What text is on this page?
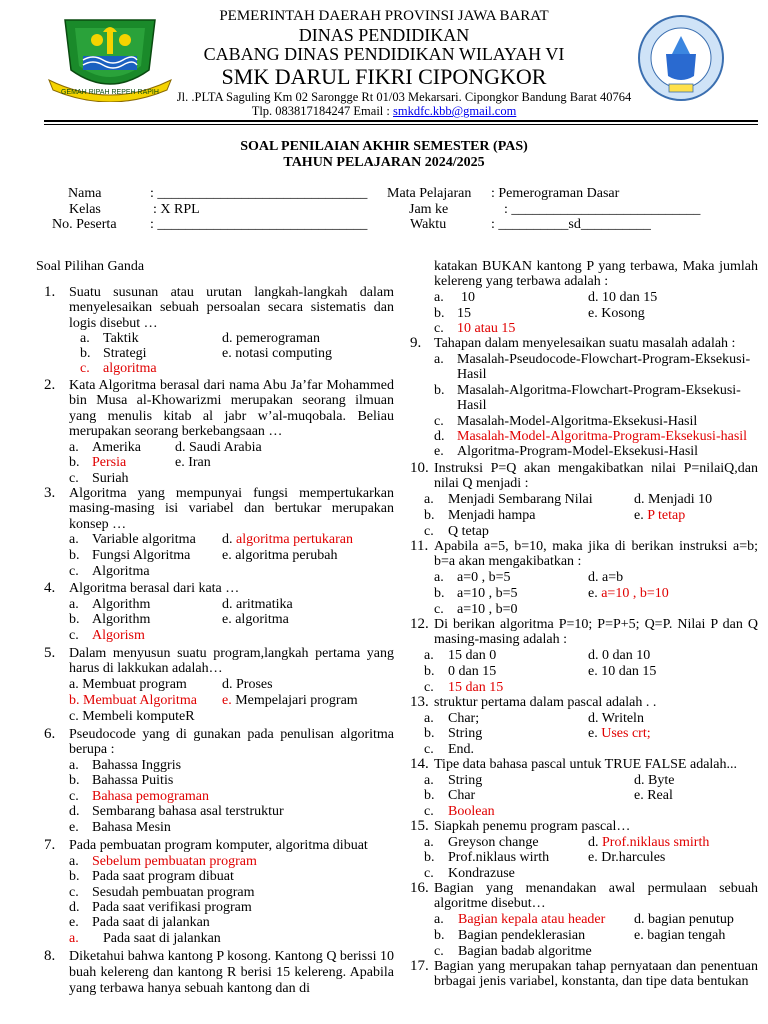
GEMAH RIPAH REPEH RAPIH
PEMERINTAH DAERAH PROVINSI JAWA BARAT
DINAS PENDIDIKAN
CABANG DINAS PENDIDIKAN WILAYAH VI
SMK DARUL FIKRI CIPONGKOR
Jl. .PLTA Saguling Km 02 Sarongge Rt 01/03 Mekarsari. Cipongkor Bandung Barat 40764
Tlp. 083817184247 Email : smkdfc.kbb@gmail.com
SOAL PENILAIAN AKHIR SEMESTER (PAS)
TAHUN PELAJARAN 2024/2025
Nama	: ______________________________
Kelas	: X RPL
No. Peserta : ______________________________
Mata Pelajaran : Pemerograman Dasar
Jam ke	: ___________________________
Waktu	: __________sd__________
Soal Pilihan Ganda
1. Suatu susunan atau urutan langkah-langkah dalam menyelesaikan sebuah persoalan secara sistematis dan logis disebut …
a. Taktik
b. Strategi
c. algoritma
d. pemerograman
e. notasi computing
2. Kata Algoritma berasal dari nama Abu Ja’far Mohammed bin Musa al-Khowarizmi merupakan seorang ilmuan yang menulis kitab al jabr w’al-muqobala. Beliau merupakan seorang berkebangsaan …
a. Amerika
b. Persia
c. Suriah
d. Saudi Arabia
e. Iran
3. Algoritma yang mempunyai fungsi mempertukarkan masing-masing isi variabel dan bertukar merupakan konsep …
a. Variable algoritma
b. Fungsi Algoritma
c. Algoritma
d. algoritma pertukaran
e. algoritma perubah
4. Algoritma berasal dari kata …
a. Algorithm
b. Algorithm
c. Algorism
d. aritmatika
e. algoritma
5. Dalam menyusun suatu program,langkah pertama yang harus di lakkukan adalah…
a. Membuat program
b. Membuat Algoritma
c. Membeli komputeR
d. Proses
e. Mempelajari program
6. Pseudocode yang di gunakan pada penulisan algoritma berupa :
a. Bahassa Inggris
b. Bahassa Puitis
c. Bahasa pemograman
d. Sembarang bahasa asal terstruktur
e. Bahasa Mesin
7. Pada pembuatan program komputer, algoritma dibuat
a. Sebelum pembuatan program
b. Pada saat program dibuat
c. Sesudah pembuatan program
d. Pada saat verifikasi program
e. Pada saat di jalankan
a. Pada saat di jalankan
8. Diketahui bahwa kantong P kosong. Kantong Q berissi 10 buah kelereng dan kantong R berisi 15 kelereng. Apabila yang terbawa hanya sebuah kantong dan di
katakan BUKAN kantong P yang terbawa, Maka jumlah kelereng yang terbawa adalah :
a. 10
b. 15
c. 10 atau 15
d. 10 dan 15
e. Kosong
9. Tahapan dalam menyelesaikan suatu masalah adalah :
a. Masalah-Pseudocode-Flowchart-Program-Eksekusi-Hasil
b. Masalah-Algoritma-Flowchart-Program-Eksekusi-Hasil
c. Masalah-Model-Algoritma-Eksekusi-Hasil
d. Masalah-Model-Algoritma-Program-Eksekusi-hasil
e. Algoritma-Program-Model-Eksekusi-Hasil
10. Instruksi P=Q akan mengakibatkan nilai P=nilaiQ,dan nilai Q menjadi :
a. Menjadi Sembarang Nilai
b. Menjadi hampa
c. Q tetap
d. Menjadi 10
e. P tetap
11. Apabila a=5, b=10, maka jika di berikan instruksi a=b; b=a akan mengakibatkan :
a. a=0 , b=5
b. a=10 , b=5
c. a=10 , b=0
d. a=b
e. a=10 , b=10
12. Di berikan algoritma P=10; P=P+5; Q=P. Nilai P dan Q masing-masing adalah :
a. 15 dan 0
b. 0 dan 15
c. 15 dan 15
d. 0 dan 10
e. 10 dan 15
13. struktur pertama dalam pascal adalah . .
a. Char;
b. String
c. End.
d. Writeln
e. Uses crt;
14. Tipe data bahasa pascal untuk TRUE FALSE adalah...
a. String
b. Char
c. Boolean
d. Byte
e. Real
15. Siapkah penemu program pascal…
a. Greyson change
b. Prof.niklaus wirth
c. Kondrazuse
d. Prof.niklaus smirth
e. Dr.harcules
16. Bagian yang menandakan awal permulaan sebuah algoritme disebut…
a. Bagian kepala atau header
b. Bagian pendeklerasian
c. Bagian badab algoritme
d. bagian penutup
e. bagian tengah
17. Bagian yang merupakan tahap pernyataan dan penentuan brbagai jenis variabel, konstanta, dan tipe data bentukan
